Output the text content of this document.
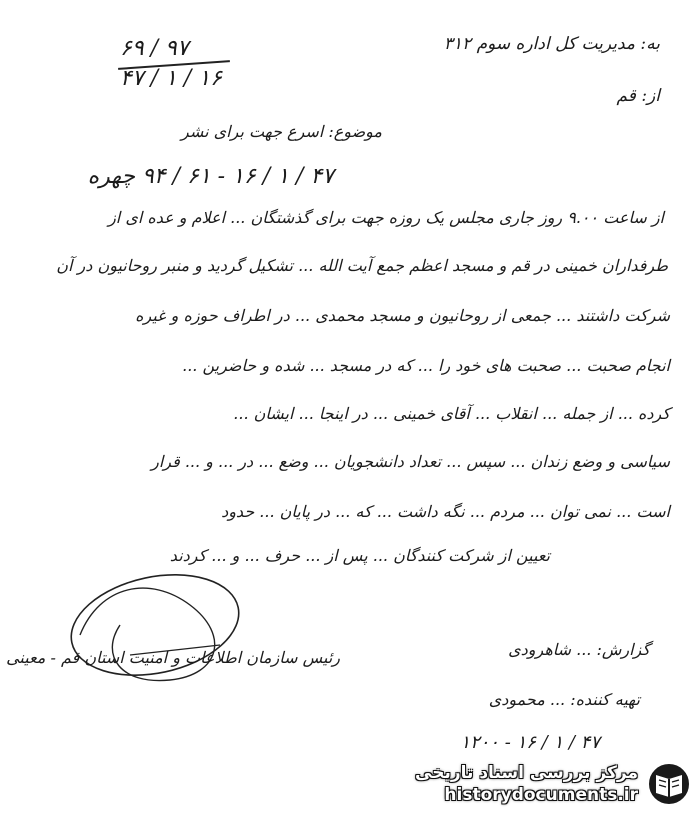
۶۹ / ۹۷
۴۷ / ۱ / ۱۶
به: مدیریت کل اداره سوم ۳۱۲
از: قم
موضوع: اسرع جهت برای نشر
۴۷ / ۱ / ۱۶ - ۶۱ / ۹۴ چهره
از ساعت ۹.۰۰ روز جاری مجلس یک روزه جهت برای گذشتگان ... اعلام و عده ای از
طرفداران خمینی در قم و مسجد اعظم جمع آیت الله ... تشکیل گردید و منبر روحانیون در آن
شرکت داشتند ... جمعی از روحانیون و مسجد محمدی ... در اطراف حوزه و غیره
انجام صحبت ... صحبت های خود را ... که در مسجد ... شده و حاضرین ...
کرده ... از جمله ... انقلاب ... آقای خمینی ... در اینجا ... ایشان ...
سیاسی و وضع زندان ... سپس ... تعداد دانشجویان ... وضع ... در ... و ... قرار
است ... نمی توان ... مردم ... نگه داشت ... که ... در پایان ... حدود
تعیین از شرکت کنندگان ... پس از ... حرف ... و ... کردند
رئیس سازمان اطلاعات و امنیت استان قم - معینی	گزارش: ... شاهرودی
تهیه کننده: ... محمودی
۴۷ / ۱ / ۱۶ - ۱۲۰۰
مرکز بررسی اسناد تاریخی
historydocuments.ir
